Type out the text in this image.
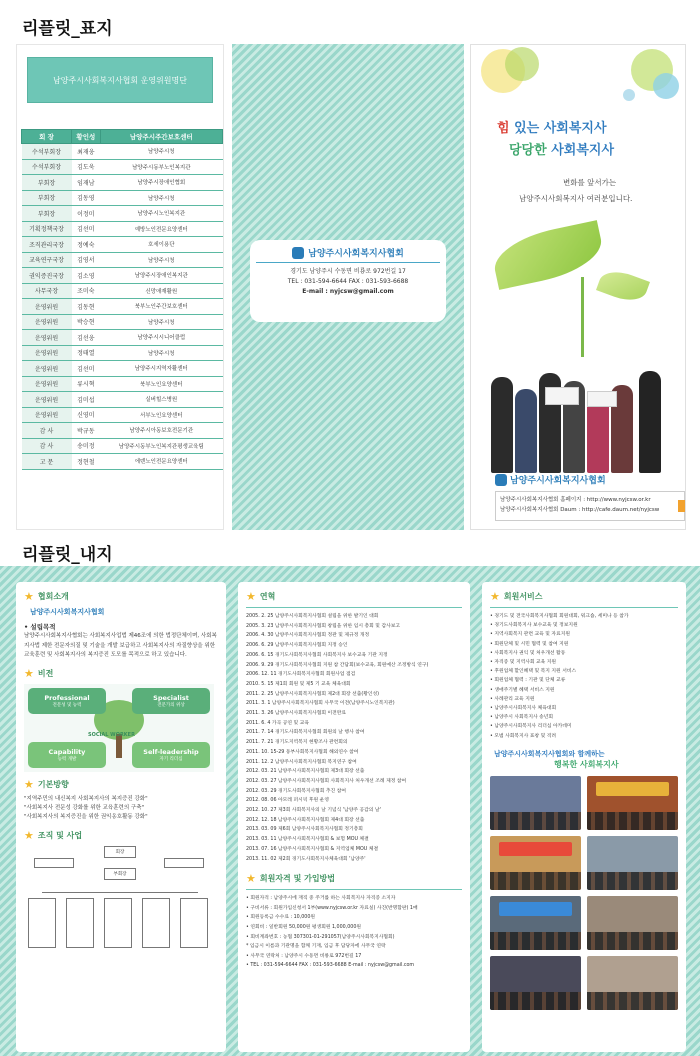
리플릿_표지
리플릿_내지
남양주시사회복지사협회 운영위원명단
회 장	황인성	남양주시주간보호센터
수석부회장	최재웅	남양주시청
수석부회장	김도욱	남양주시동부노인복지관
부회장	임재남	남양주시장애인협회
부회장	김동영	남양주시청
부회장	이정미	남양주시노인복지관
기획정책국장	김선미	예방노인전문요양센터
조직관리국장	정예숙	호세이용단
교육연구국장	김영서	남양주시청
권익증진국장	김소영	남양주시장애인복지관
사무국장	조미숙	신망애재활원
운영위원	김동현	북부노인주간보호센터
운영위원	박승현	남양주시청
운영위원	김선웅	남양주시시니어클럽
운영위원	정태열	남양주시청
운영위원	김선미	남양주시지역자활센터
운영위원	류시혁	북부노인요양센터
운영위원	김미섭	실버힐스병원
운영위원	신영미	서부노인요양센터
감 사	박규동	남양주시아동보호전문기관
감 사	송미정	남양주시동부노인복지관평생교육팀
고 문	정현철	에덴노인전문요양센터
남양주시사회복지사협회
경기도 남양주시 수동면 비룡로 972번길 17
TEL : 031-594-6644 FAX : 031-593-6688
E-mail : nyjcsw@gmail.com
힘 있는 사회복지사
당당한 사회복지사
변화를 앞서가는
남양주시사회복지사 여러분입니다.
남양주시사회복지사협회
남양주시사회복지사협회 홈페이지 : http://www.nyjcsw.or.kr
남양주시사회복지사협회 Daum : http://cafe.daum.net/nyjcsw
★ 협회소개
남양주시사회복지사협회
• 설립목적
남양주시사회복지사협회는 사회복지사업법 제46조에 의한 법정단체이며, 사회복지사법 제한 전문자의질 및 기술을 개발 보급하고 사회복지사의 자질향상을 위한 교육훈련 및 사회복지사의 복지증진 도모를 목적으로 하고 있습니다.
★ 비전
Professional
전문성 및 능력
Specialist
전문가의 위상
Capability
능력 개발
Self-leadership
자기 리더십
SOCIAL WORKER
★ 기본방향
"지역주민의 내신복지 사회복지사의 복지증진 강화"
"사회복지사 전문성 강화를 위한 교육훈련의 구축"
"사회복지사의 복지증진을 위한 권익옹호활동 강화"
★ 조직 및 사업
회장
부회장
★ 연혁
2005. 2. 25 남양주시사회복지사협회 설립을 위한 발기인 대회
2005. 3. 23 남양주시사회복지사협회 창립을 위한 임시 총회 및 감사보고
2006. 4. 30 남양주시사회복지사협회 정관 및 제규정 개정
2006. 6. 29 남양주시사회복지사협회 지정 승인
2006. 6. 15 경기도사회복지사협회 사회복지사 보수교육 기관 지정
2006. 9. 29 경기도사회복지사협회 지원 참 간담회(보수교육, 회원예산 조정방식 연구)
2006. 12. 11 경기도사회복지사협회 회원사업 점검
2010. 5. 15 제1회 회원 및 제5 기 교육 체육대회
2011. 2. 25 남양주시사회복지사협회 제2대 회장 선출(황인성)
2011. 3. 1 남양주시사회복지사협회 사무국 이전(남양주시노인복지관)
2011. 3. 26 남양주시사회복지사협회 이전완료
2011. 6. 4 가곡 공연 및 교육
2011. 7. 14 경기도사회복지사협회 회원의 날 행사 참여
2011. 7. 21 경기도지역복지 현황조사 관련회의
2011. 10. 15-29 동부사회복지사협회 해외연수 참여
2011. 12. 2 남양주시사회복지사협회 복지연구 참여
2012. 03. 21 남양주시사회복지사협회 제3대 회장 선출
2012. 03. 27 남양주시사회복지사협회 사회복지사 처우개선 조례 제정 참여
2012. 03. 29 경기도사회복지사협회 추진 참여
2012. 08. 06 아모레 퍼시픽 후원 운영
2012. 10. 27 제3회 사회복지사의 날 기념식 '남양주 공감의 날'
2012. 12. 18 남양주시사회복지사협회 제4대 회장 선출
2013. 03. 09 제6회 남양주시사회복지사협회 정기총회
2013. 03. 11 남양주시사회복지사협회 & 보험 MOU 체결
2013. 07. 16 남양주시사회복지사협회 & 지역업체 MOU 체결
2013. 11. 02 제2회 경기도사회복지사체육대회 '남양주'
★ 회원자격 및 가입방법
• 회원자격 : 남양주시에 재직 중 주거를 하는 사회복지사 자격증 소지자
• 구비서류 : 회원가입신청서 1부(www.nyjcsw.or.kr 자료실) 사진(반명함판) 1매
• 회원등록금 수수료 : 10,000원
• 연회비 : 일반회원 50,000원 평생회원 1,000,000원
• 회비계좌번호 : 농협 307301-01-291057(남양주시사회복지사협회)
* 입금시 이름과 기관명을 함께 기재, 입금 후 담당자에 사무국 연락
• 사무국 연락처 : 남양주시 수동면 비룡로 972번길 17
• TEL : 031-594-6644 FAX : 031-593-6688 E-mail : nyjcsw@gmail.com
★ 회원서비스
• 경기도 및 전국사회복지사협회 회원대회, 워크숍, 세미나 등 참가
• 경기도사회복지사 보수교육 및 정보지원
• 지역사회복지 관련 교육 및 자료지원
• 회원단체 및 시민 협력 및 참여 지원
• 사회복지사 권익 및 처우개선 활동
• 자격증 및 지역사회 교육 지원
• 후원업체 할인혜택 및 복지 지원 서비스
• 회원업체 협력 : 기관 및 단체 교류
• 생애주기별 혜택 서비스 지원
• 사례관리 교육 지원
• 남양주시사회복지사 체육대회
• 남양주시 사회복지사 송년회
• 남양주시사회복지사 리더십 아카데미
• 모범 사회복지사 표창 및 격려
남양주시사회복지사협회와 함께하는
행복한 사회복지사
